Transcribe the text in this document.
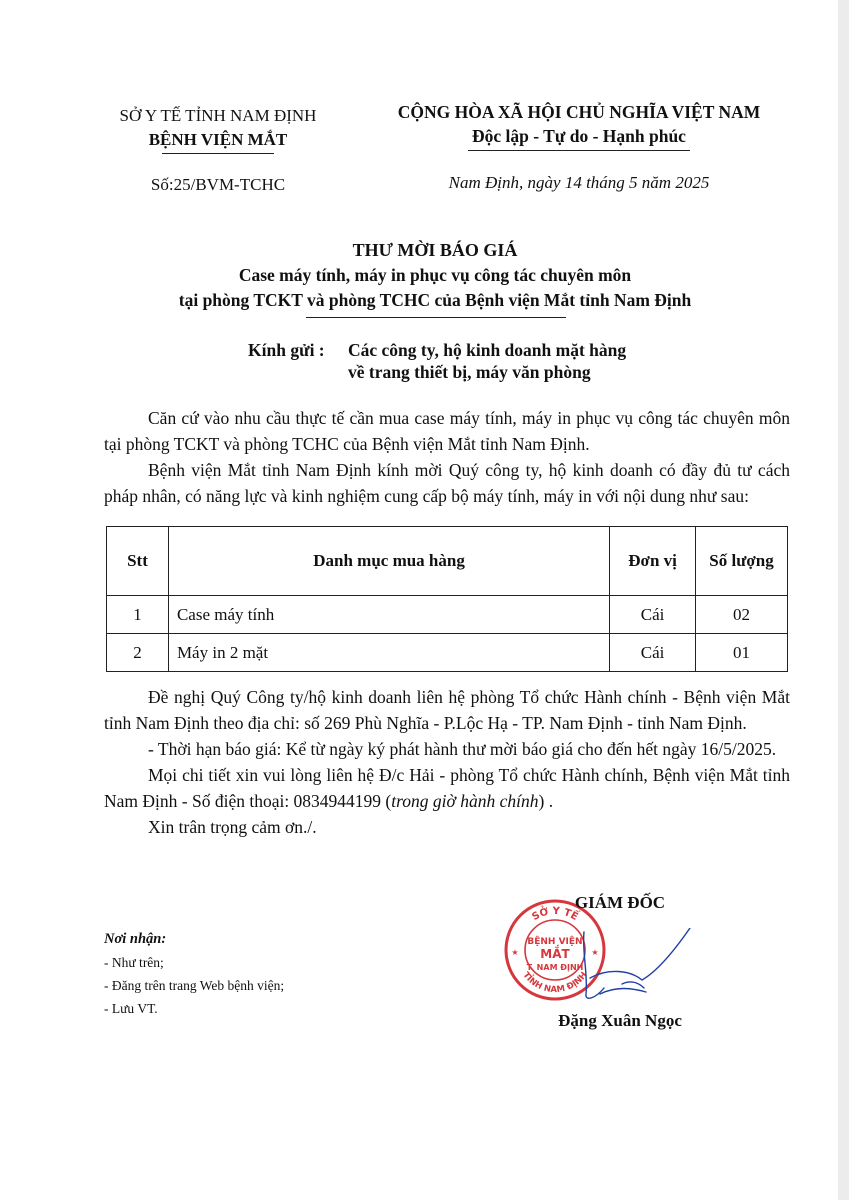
SỞ Y TẾ TỈNH NAM ĐỊNH
BỆNH VIỆN MẮT
Số:25/BVM-TCHC
CỘNG HÒA XÃ HỘI CHỦ NGHĨA VIỆT NAM
Độc lập - Tự do - Hạnh phúc
Nam Định, ngày 14 tháng 5 năm 2025
THƯ MỜI BÁO GIÁ
Case máy tính, máy in phục vụ công tác chuyên môn
tại phòng TCKT và phòng TCHC của Bệnh viện Mắt tỉnh Nam Định
Kính gửi : Các công ty, hộ kinh doanh mặt hàng
về trang thiết bị, máy văn phòng

Căn cứ vào nhu cầu thực tế cần mua case máy tính, máy in phục vụ công tác chuyên môn tại phòng TCKT và phòng TCHC của Bệnh viện Mắt tỉnh Nam Định.

Bệnh viện Mắt tỉnh Nam Định kính mời Quý công ty, hộ kinh doanh có đầy đủ tư cách pháp nhân, có năng lực và kinh nghiệm cung cấp bộ máy tính, máy in với nội dung như sau:

Stt	Danh mục mua hàng	Đơn vị	Số lượng
1	Case máy tính	Cái	02
2	Máy in 2 mặt	Cái	01

Đề nghị Quý Công ty/hộ kinh doanh liên hệ phòng Tổ chức Hành chính - Bệnh viện Mắt tỉnh Nam Định theo địa chỉ: số 269 Phù Nghĩa - P.Lộc Hạ - TP. Nam Định - tỉnh Nam Định.

- Thời hạn báo giá: Kể từ ngày ký phát hành thư mời báo giá cho đến hết ngày 16/5/2025.

Mọi chi tiết xin vui lòng liên hệ Đ/c Hải - phòng Tổ chức Hành chính, Bệnh viện Mắt tỉnh Nam Định - Số điện thoại: 0834944199 (trong giờ hành chính) .

Xin trân trọng cảm ơn./.

Nơi nhận:
- Như trên;
- Đăng trên trang Web bệnh viện;
- Lưu VT.
SỞ Y TẾ
TỈNH NAM ĐỊNH
BỆNH VIỆN
MẮT
T. NAM ĐỊNH
★	★
GIÁM ĐỐC
Đặng Xuân Ngọc
